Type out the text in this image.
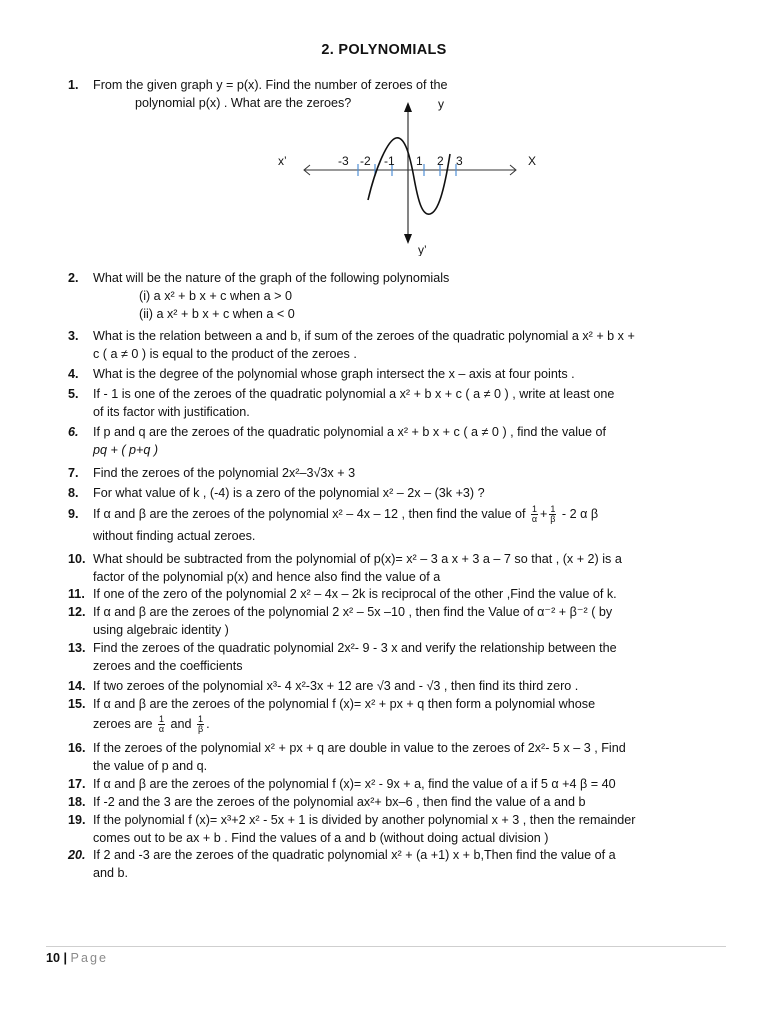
2. POLYNOMIALS
1. From the given graph y = p(x). Find the number of zeroes of the
polynomial p(x) . What are the zeroes?	y
X
x’
y’
-3 -2 -1 1 2 3
2. What will be the nature of the graph of the following polynomials
(i) a x² + b x + c when a > 0
(ii) a x² + b x + c when a < 0
3. What is the relation between a and b, if sum of the zeroes of the quadratic polynomial a x² + b x +
c ( a ≠ 0 ) is equal to the product of the zeroes .
4. What is the degree of the polynomial whose graph intersect the x – axis at four points .
5. If - 1 is one of the zeroes of the quadratic polynomial a x² + b x + c ( a ≠ 0 ) , write at least one
of its factor with justification.
6. If p and q are the zeroes of the quadratic polynomial a x² + b x + c ( a ≠ 0 ) , find the value of
pq + ( p+q )
7. Find the zeroes of the polynomial 2x²–3√3x + 3
8. For what value of k , (-4) is a zero of the polynomial x² – 2x – (3k +3) ?
9. If α and β are the zeroes of the polynomial x² – 4x – 12 , then find the value of $\frac{1}{\alpha} + \frac{1}{\beta} - 2$ α β
without finding actual zeroes.
10. What should be subtracted from the polynomial of p(x)= x² – 3 a x + 3 a – 7 so that , (x + 2) is a
factor of the polynomial p(x) and hence also find the value of a
11. If one of the zero of the polynomial 2 x² – 4x – 2k is reciprocal of the other ,Find the value of k.
12. If α and β are the zeroes of the polynomial 2 x² – 5x –10 , then find the Value of α⁻² + β⁻² ( by
using algebraic identity )
13. Find the zeroes of the quadratic polynomial 2x²- 9 - 3 x and verify the relationship between the
zeroes and the coefficients
14. If two zeroes of the polynomial x³- 4 x²-3x + 12 are √3 and - √3 , then find its third zero .
15. If α and β are the zeroes of the polynomial f (x)= x² + px + q then form a polynomial whose
zeroes are $\frac{1}{\alpha}$ and $\frac{1}{\beta}$ .
16. If the zeroes of the polynomial x² + px + q are double in value to the zeroes of 2x²- 5 x – 3 , Find
the value of p and q.
17. If α and β are the zeroes of the polynomial f (x)= x² - 9x + a, find the value of a if 5 α +4 β = 40
18. If -2 and the 3 are the zeroes of the polynomial ax²+ bx–6 , then find the value of a and b
19. If the polynomial f (x)= x³+2 x² - 5x + 1 is divided by another polynomial x + 3 , then the remainder
comes out to be ax + b . Find the values of a and b (without doing actual division )
20. If 2 and -3 are the zeroes of the quadratic polynomial x² + (a +1) x + b,Then find the value of a
and b.
10 | Page
